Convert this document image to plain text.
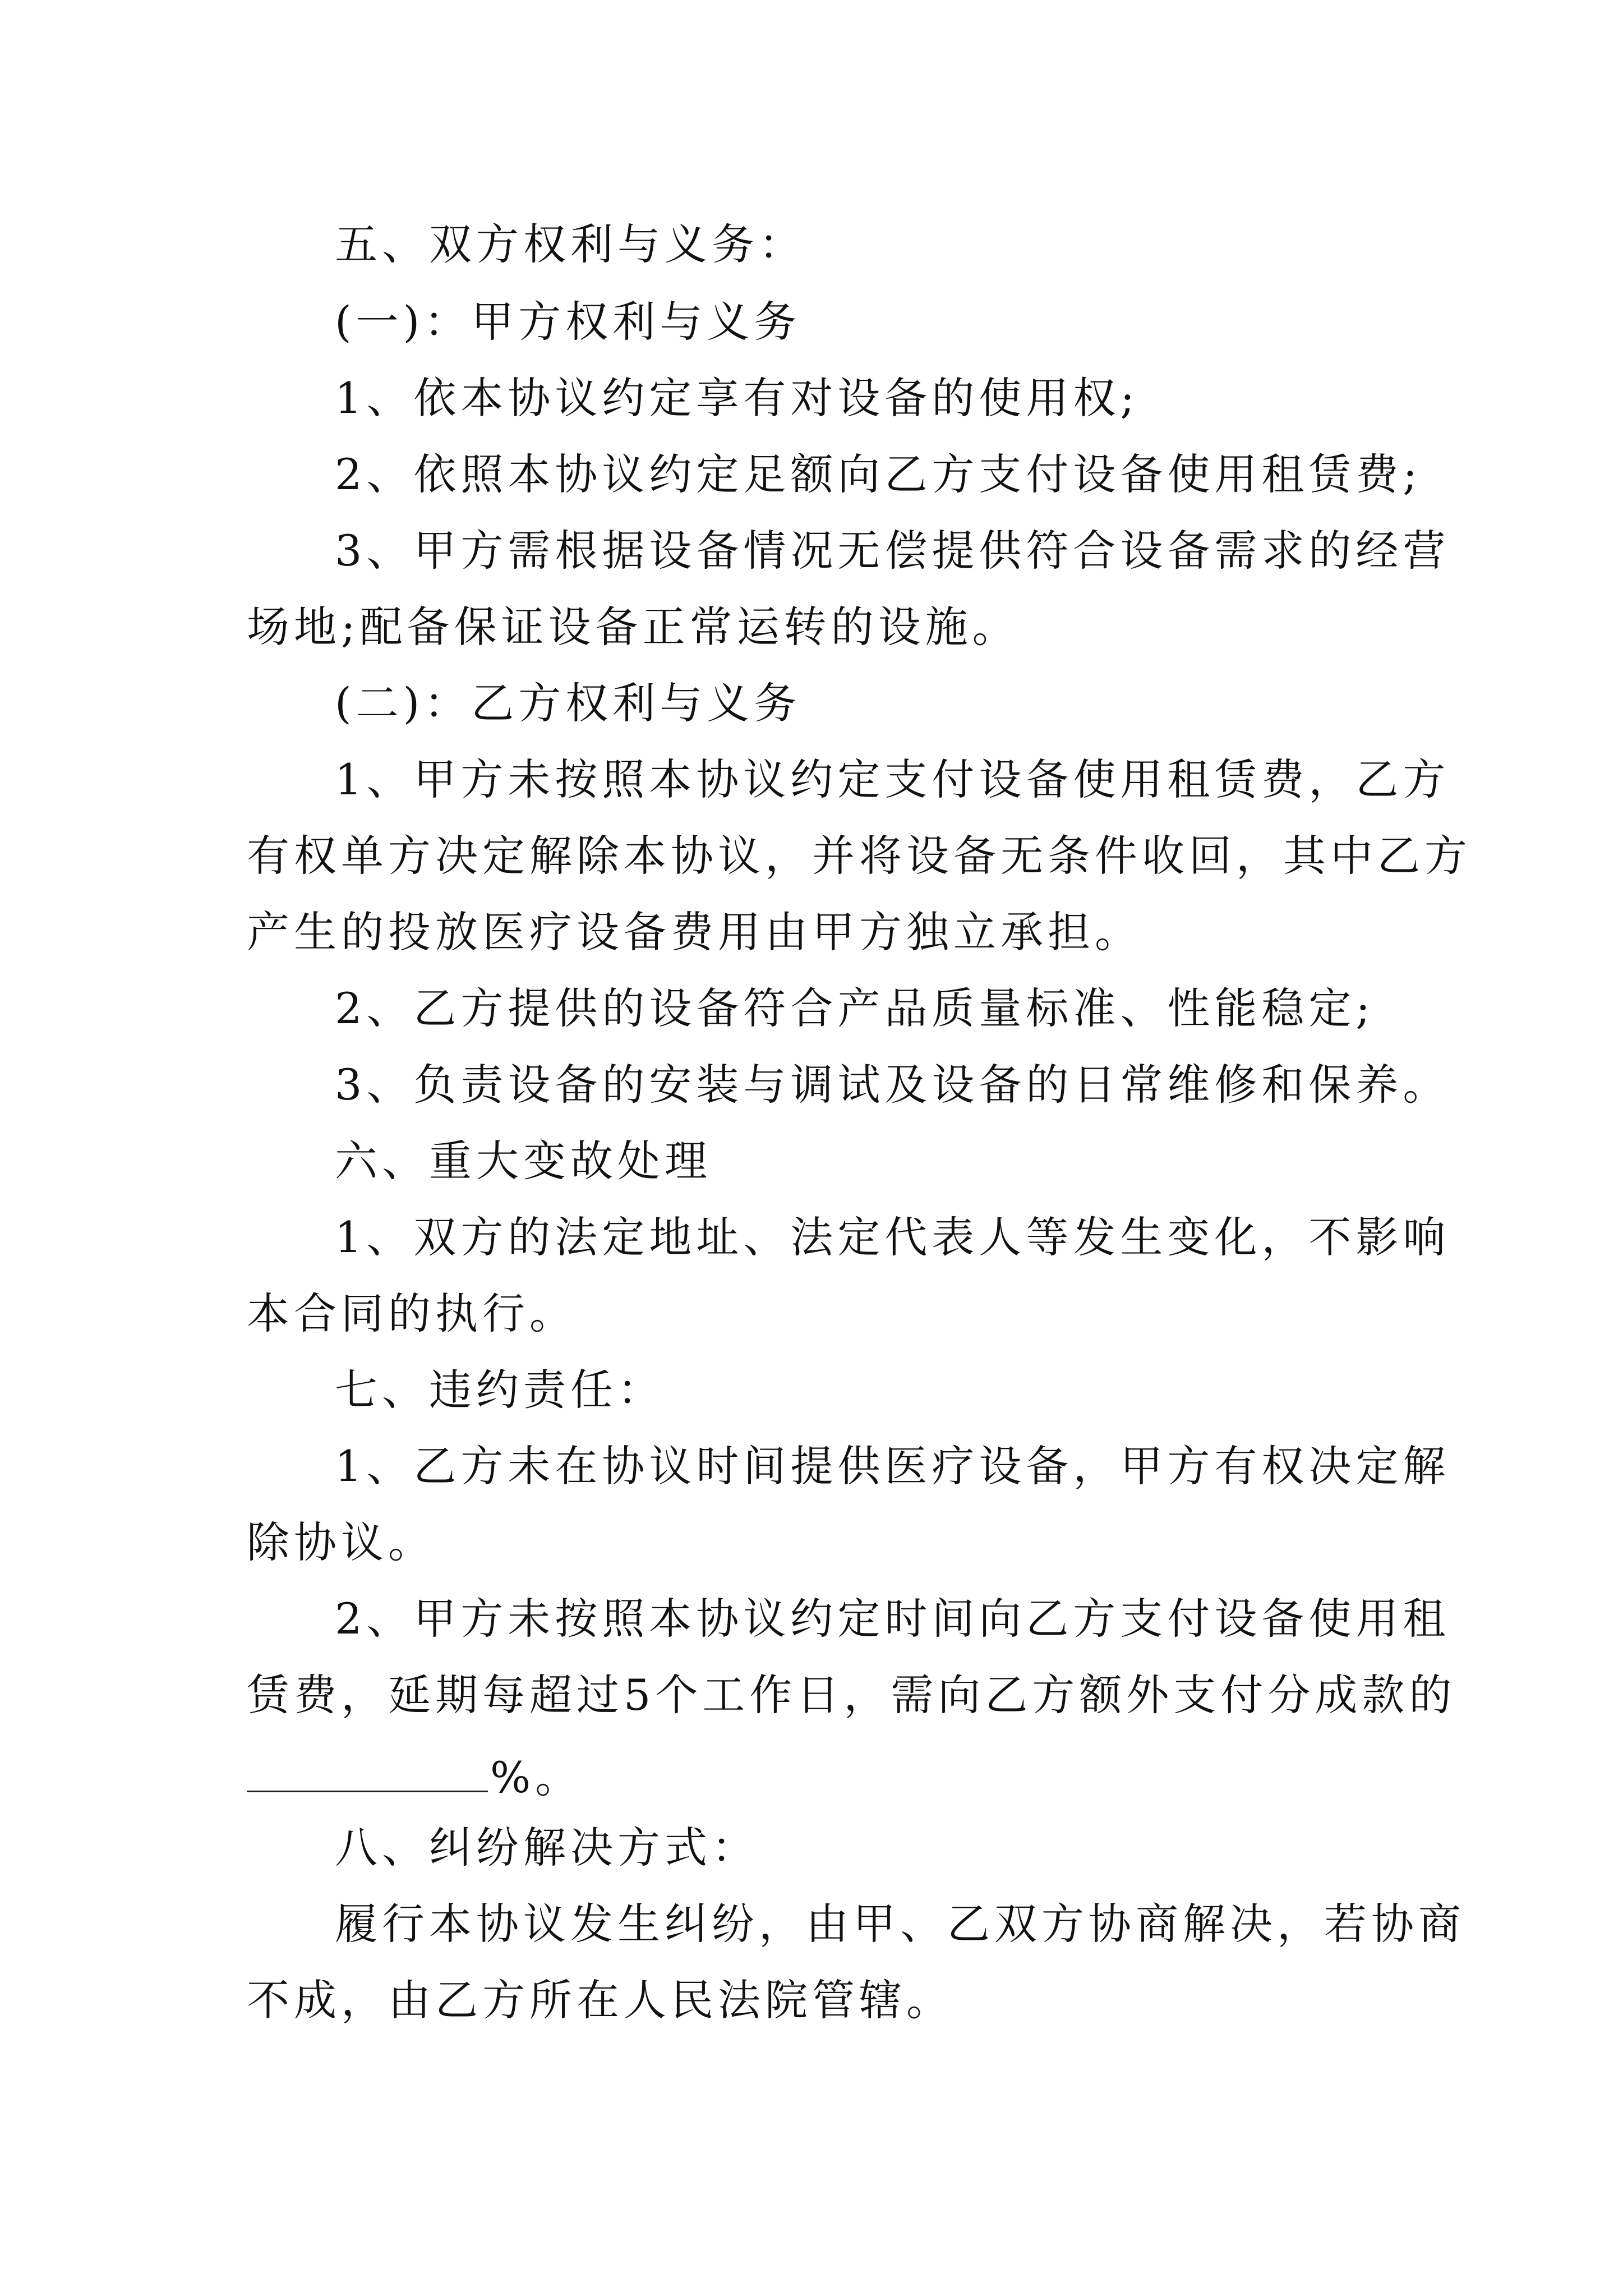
五、双方权利与义务：
(一)：甲方权利与义务
1、依本协议约定享有对设备的使用权;
2、依照本协议约定足额向乙方支付设备使用租赁费;
3、甲方需根据设备情况无偿提供符合设备需求的经营
场地;配备保证设备正常运转的设施。
(二)：乙方权利与义务
1、甲方未按照本协议约定支付设备使用租赁费，乙方
有权单方决定解除本协议，并将设备无条件收回，其中乙方
产生的投放医疗设备费用由甲方独立承担。
2、乙方提供的设备符合产品质量标准、性能稳定;
3、负责设备的安装与调试及设备的日常维修和保养。
六、重大变故处理
1、双方的法定地址、法定代表人等发生变化，不影响
本合同的执行。
七、违约责任：
1、乙方未在协议时间提供医疗设备，甲方有权决定解
除协议。
2、甲方未按照本协议约定时间向乙方支付设备使用租
赁费，延期每超过5个工作日，需向乙方额外支付分成款的
%。
八、纠纷解决方式：
履行本协议发生纠纷，由甲、乙双方协商解决，若协商
不成，由乙方所在人民法院管辖。
